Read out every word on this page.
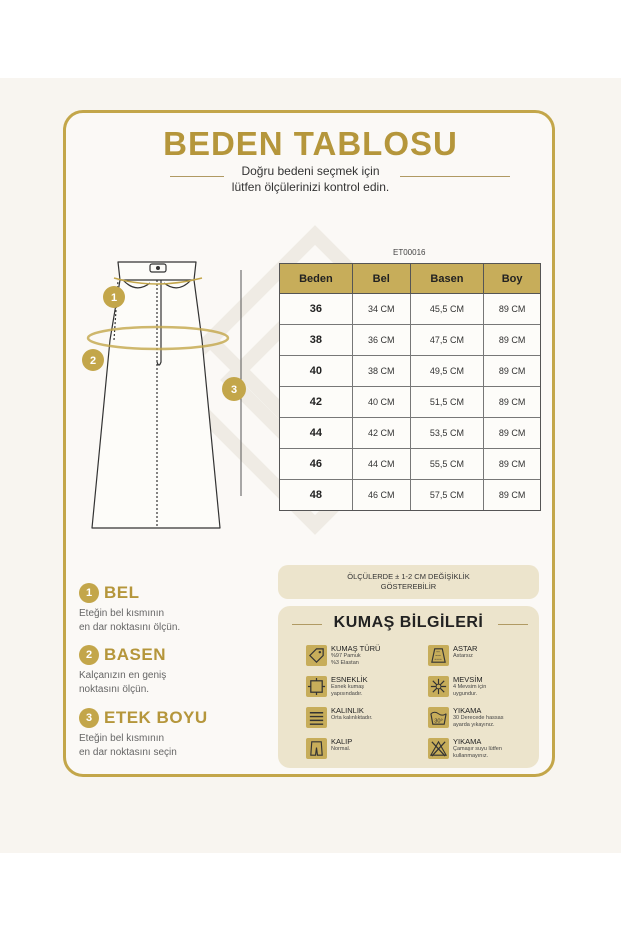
BEDEN TABLOSU
Doğru bedeni seçmek için
lütfen ölçülerinizi kontrol edin.
1
2
3
ET00016
Beden	Bel	Basen	Boy
36	34 CM	45,5 CM	89 CM
38	36 CM	47,5 CM	89 CM
40	38 CM	49,5 CM	89 CM
42	40 CM	51,5 CM	89 CM
44	42 CM	53,5 CM	89 CM
46	44 CM	55,5 CM	89 CM
48	46 CM	57,5 CM	89 CM
1 BEL
Eteğin bel kısmının
en dar noktasını ölçün.
2 BASEN
Kalçanızın en geniş
noktasını ölçün.
3 ETEK BOYU
Eteğin bel kısmının
en dar noktasını seçin
ÖLÇÜLERDE ± 1-2 CM DEĞİŞİKLİK
GÖSTEREBİLİR
KUMAŞ BİLGİLERİ
KUMAŞ TÜRÜ
%97 Pamuk
%3 Elastan
ESNEKLİK
Esnek kumaş
yapısındadır.
KALINLIK
Orta kalınlıktadır.
KALIP
Normal.
ASTAR
Astarsız
MEVSİM
4 Mevsim için
uygundur.
30°
YIKAMA
30 Derecede hassas
ayarda yıkayınız.
YIKAMA
Çamaşır suyu lütfen
kullanmayınız.
